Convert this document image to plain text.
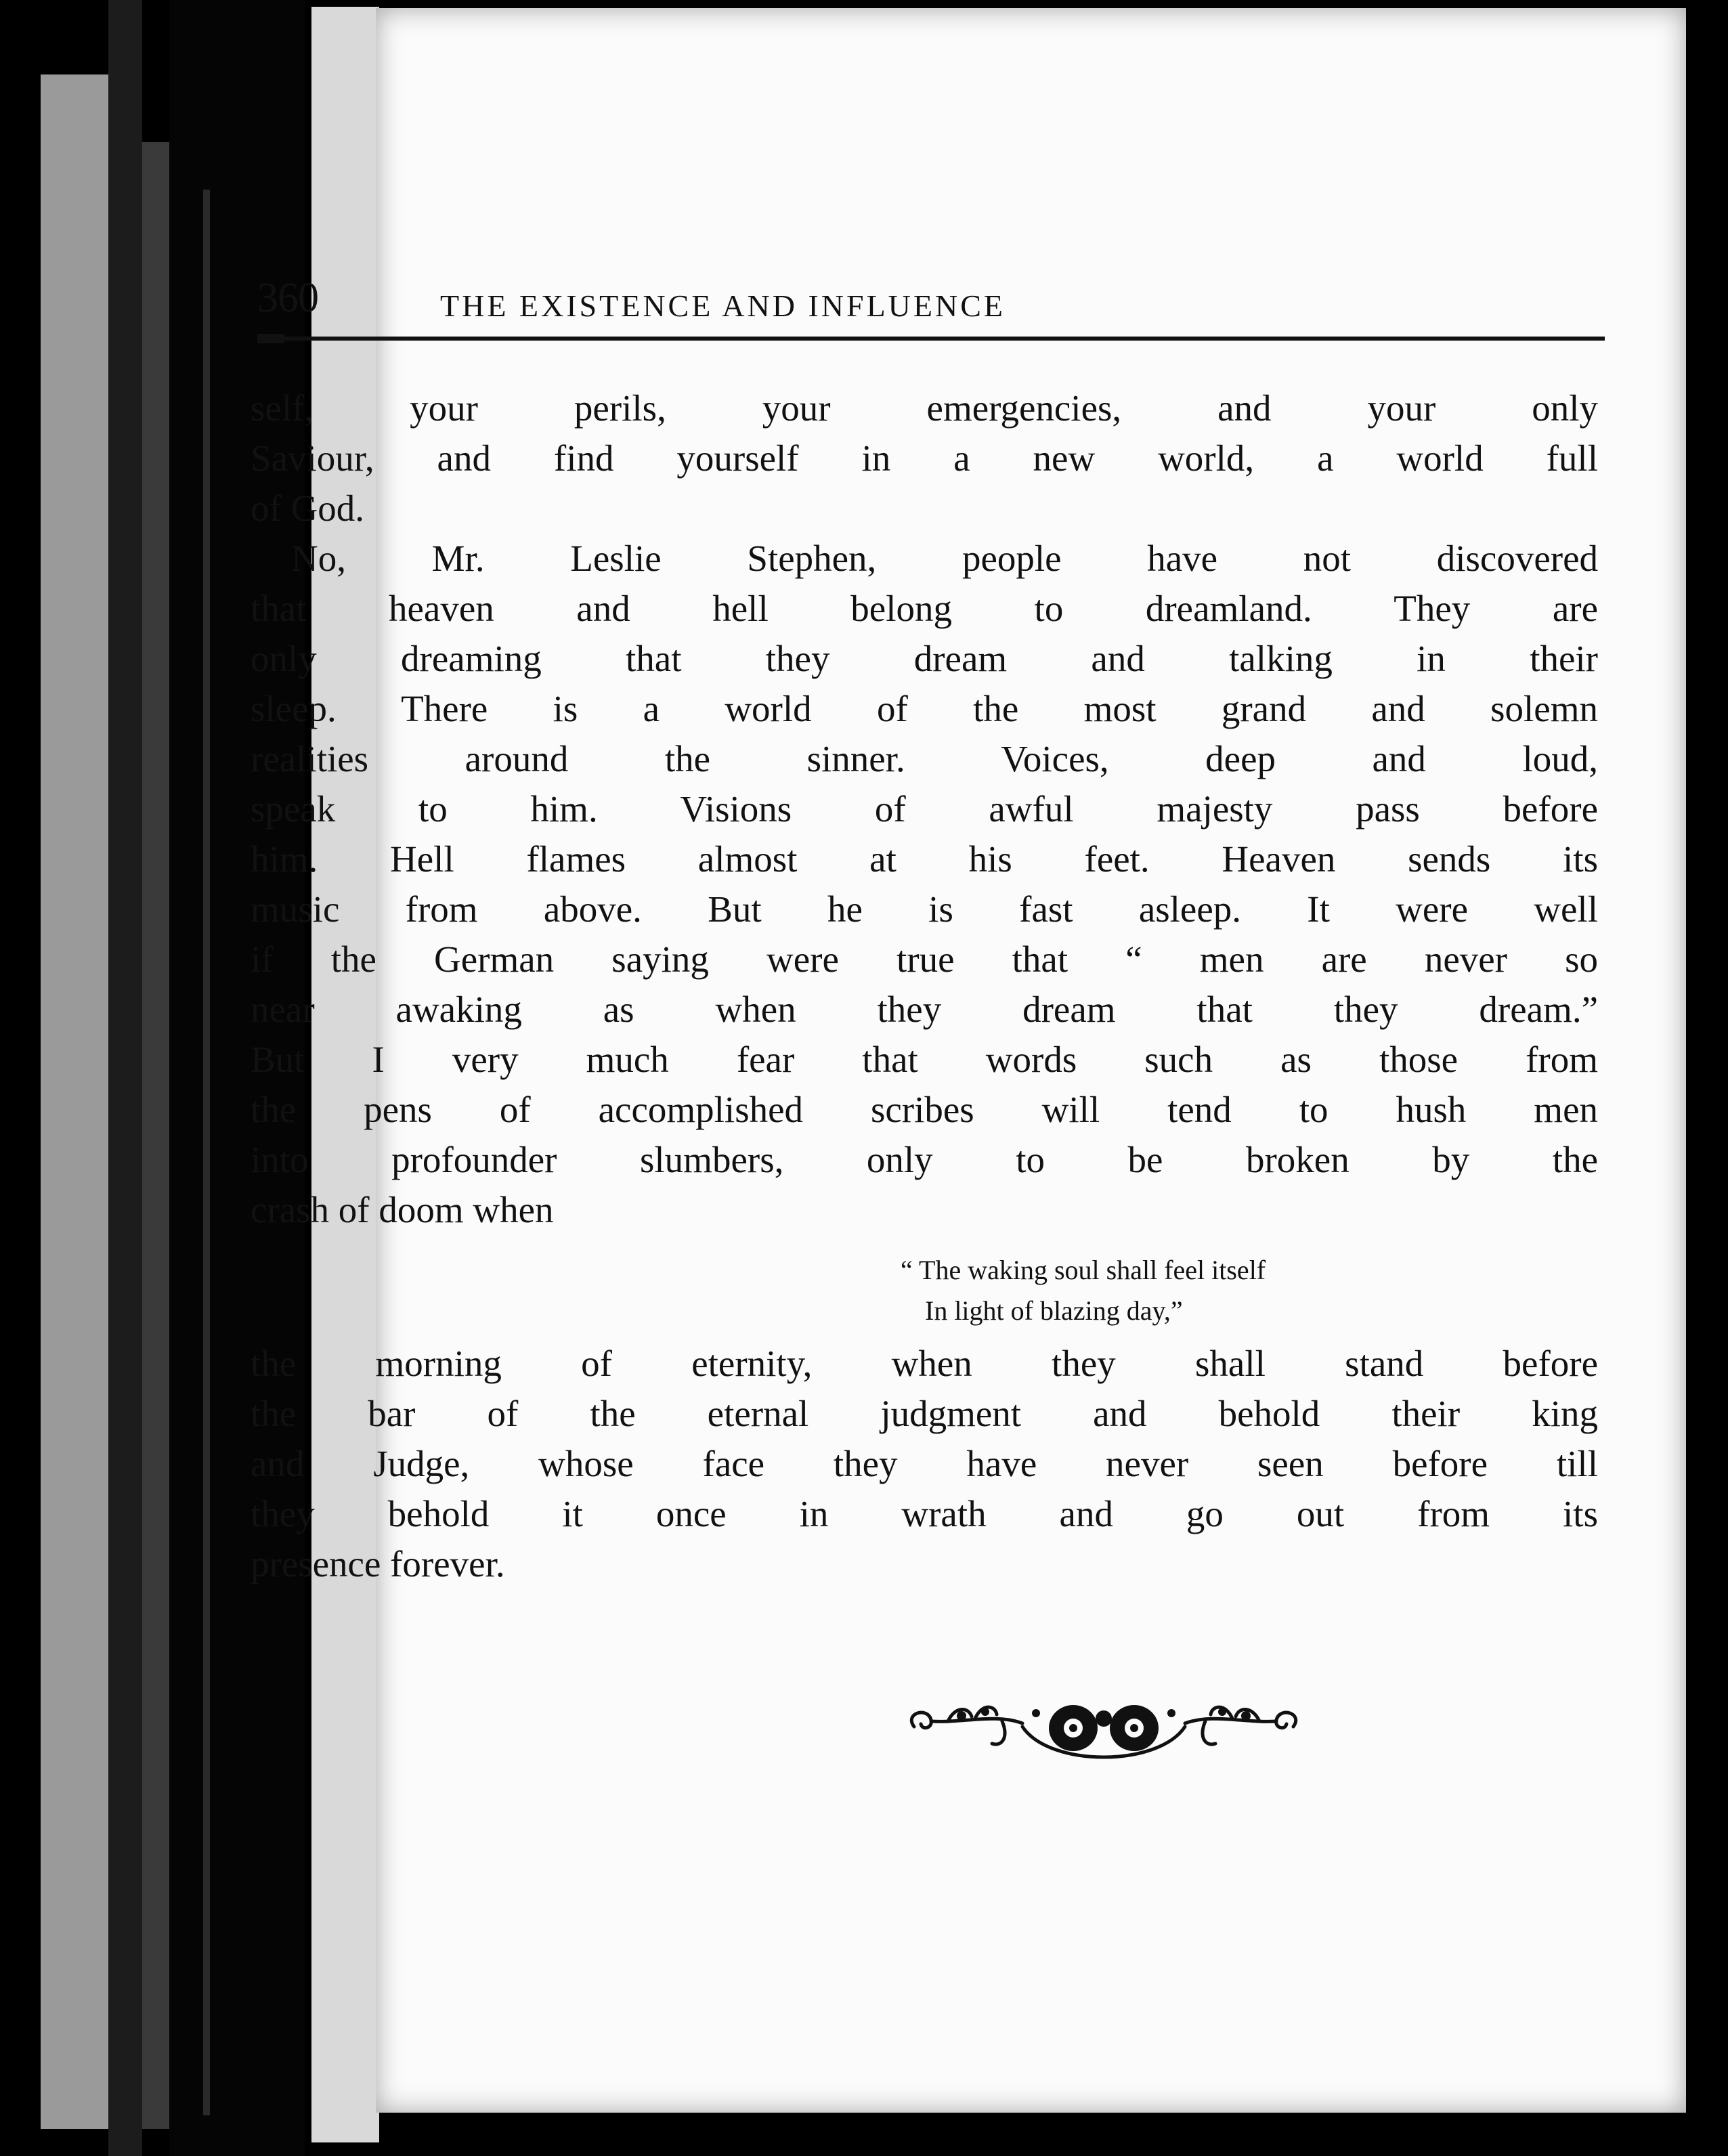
360	THE EXISTENCE AND INFLUENCE
self, your perils, your emergencies, and your only
Saviour, and find yourself in a new world, a world full
of God.
No, Mr. Leslie Stephen, people have not discovered
that heaven and hell belong to dreamland. They are
only dreaming that they dream and talking in their
sleep. There is a world of the most grand and solemn
realities around the sinner. Voices, deep and loud,
speak to him. Visions of awful majesty pass before
him. Hell flames almost at his feet. Heaven sends its
music from above. But he is fast asleep. It were well
if the German saying were true that “ men are never so
near awaking as when they dream that they dream.”
But I very much fear that words such as those from
the pens of accomplished scribes will tend to hush men
into profounder slumbers, only to be broken by the
crash of doom when
“ The waking soul shall feel itself
In light of blazing day,”
the morning of eternity, when they shall stand before
the bar of the eternal judgment and behold their king
and Judge, whose face they have never seen before till
they behold it once in wrath and go out from its
presence forever.
